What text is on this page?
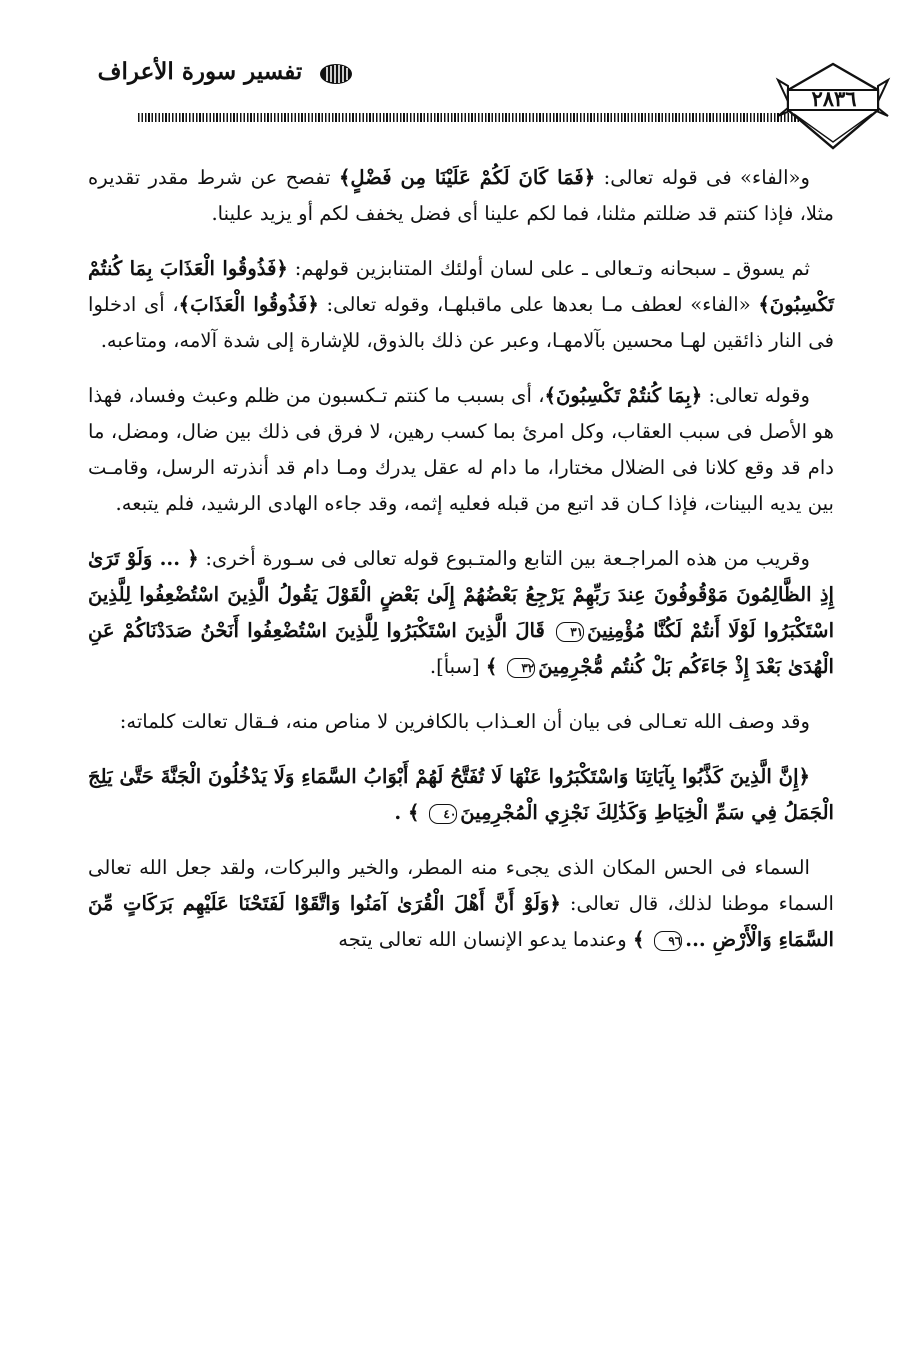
تفسير سورة الأعراف
٢٨٣٦

و«الفاء» فى قوله تعالى: ﴿فَمَا كَانَ لَكُمْ عَلَيْنَا مِن فَضْلٍ﴾ تفصح عن شرط مقدر تقديره مثلا، فإذا كنتم قد ضللتم مثلنا، فما لكم علينا أى فضل يخفف لكم أو يزيد علينا.

ثم يسوق ـ سبحانه وتـعالى ـ على لسان أولئك المتنابزين قولهم: ﴿فَذُوقُوا الْعَذَابَ بِمَا كُنتُمْ تَكْسِبُونَ﴾ «الفاء» لعطف مـا بعدها على ماقبلهـا، وقوله تعالى: ﴿فَذُوقُوا الْعَذَابَ﴾، أى ادخلوا فى النار ذائقين لهـا محسين بآلامهـا، وعبر عن ذلك بالذوق، للإشارة إلى شدة آلامه، ومتاعبه.

وقوله تعالى: ﴿بِمَا كُنتُمْ تَكْسِبُونَ﴾، أى بسبب ما كنتم تـكسبون من ظلم وعبث وفساد، فهذا هو الأصل فى سبب العقاب، وكل امرئ بما كسب رهين، لا فرق فى ذلك بين ضال، ومضل، ما دام قد وقع كلانا فى الضلال مختارا، ما دام له عقل يدرك ومـا دام قد أنذرته الرسل، وقامـت بين يديه البينات، فإذا كـان قد اتبع من قبله فعليه إثمه، وقد جاءه الهادى الرشيد، فلم يتبعه.

وقريب من هذه المراجـعة بين التابع والمتـبوع قوله تعالى فى سـورة أخرى: ﴿ ... وَلَوْ تَرَىٰ إِذِ الظَّالِمُونَ مَوْقُوفُونَ عِندَ رَبِّهِمْ يَرْجِعُ بَعْضُهُمْ إِلَىٰ بَعْضٍ الْقَوْلَ يَقُولُ الَّذِينَ اسْتُضْعِفُوا لِلَّذِينَ اسْتَكْبَرُوا لَوْلَا أَنتُمْ لَكُنَّا مُؤْمِنِينَ٣١ قَالَ الَّذِينَ اسْتَكْبَرُوا لِلَّذِينَ اسْتُضْعِفُوا أَنَحْنُ صَدَدْنَاكُمْ عَنِ الْهُدَىٰ بَعْدَ إِذْ جَاءَكُم بَلْ كُنتُم مُّجْرِمِينَ٣٢ ﴾ [سبأ].

وقد وصف الله تعـالى فى بيان أن العـذاب بالكافرين لا مناص منه، فـقال تعالت كلماته:

﴿إِنَّ الَّذِينَ كَذَّبُوا بِآيَاتِنَا وَاسْتَكْبَرُوا عَنْهَا لَا تُفَتَّحُ لَهُمْ أَبْوَابُ السَّمَاءِ وَلَا يَدْخُلُونَ الْجَنَّةَ حَتَّىٰ يَلِجَ الْجَمَلُ فِي سَمِّ الْخِيَاطِ وَكَذَٰلِكَ نَجْزِي الْمُجْرِمِينَ٤٠ ﴾ .

السماء فى الحس المكان الذى يجىء منه المطر، والخير والبركات، ولقد جعل الله تعالى السماء موطنا لذلك، قال تعالى: ﴿وَلَوْ أَنَّ أَهْلَ الْقُرَىٰ آمَنُوا وَاتَّقَوْا لَفَتَحْنَا عَلَيْهِم بَرَكَاتٍ مِّنَ السَّمَاءِ وَالْأَرْضِ ...٩٦ ﴾ وعندما يدعو الإنسان الله تعالى يتجه
